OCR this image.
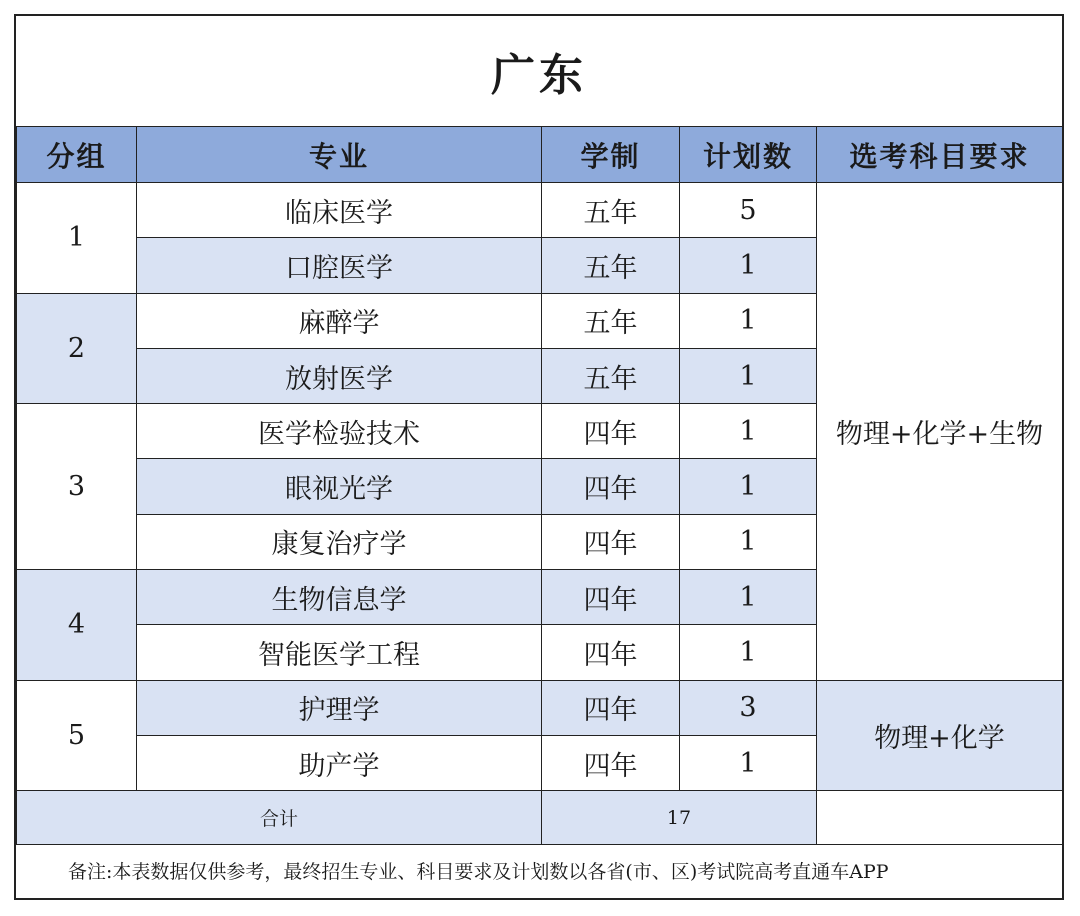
广东
分组	专业	学制	计划数	选考科目要求
1	临床医学	五年	5	物理+化学+生物
	口腔医学	五年	1	
2	麻醉学	五年	1	
	放射医学	五年	1	
3	医学检验技术	四年	1	
	眼视光学	四年	1	
	康复治疗学	四年	1	
4	生物信息学	四年	1	
	智能医学工程	四年	1	
5	护理学	四年	3	物理+化学
	助产学	四年	1	
合计		17		
备注:本表数据仅供参考，最终招生专业、科目要求及计划数以各省(市、区)考试院高考直通车APP
